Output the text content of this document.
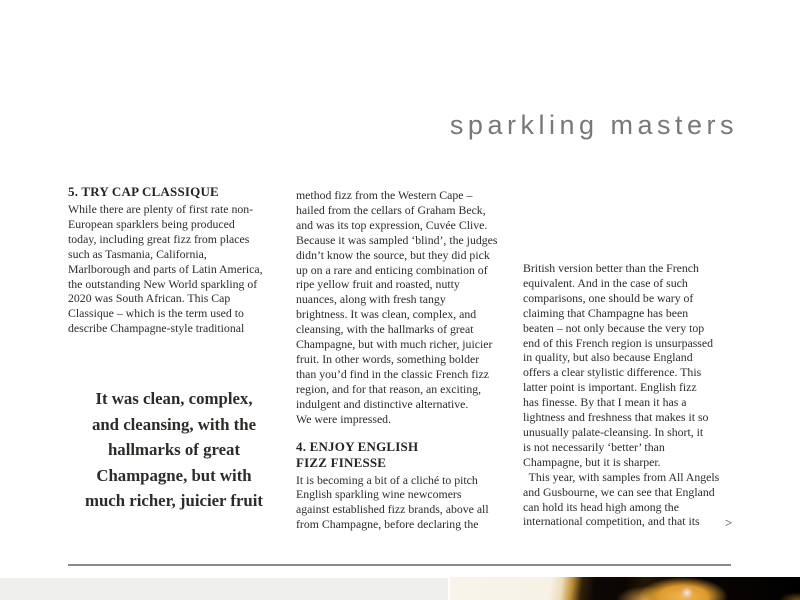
sparkling masters
5. TRY CAP CLASSIQUE

While there are plenty of first rate non-
European sparklers being produced
today, including great fizz from places
such as Tasmania, California,
Marlborough and parts of Latin America,
the outstanding New World sparkling of
2020 was South African. This Cap
Classique – which is the term used to
describe Champagne-style traditional

It was clean, complex,
and cleansing, with the
hallmarks of great
Champagne, but with
much richer, juicier fruit

method fizz from the Western Cape –
hailed from the cellars of Graham Beck,
and was its top expression, Cuvée Clive.
Because it was sampled ‘blind’, the judges
didn’t know the source, but they did pick
up on a rare and enticing combination of
ripe yellow fruit and roasted, nutty
nuances, along with fresh tangy
brightness. It was clean, complex, and
cleansing, with the hallmarks of great
Champagne, but with much richer, juicier
fruit. In other words, something bolder
than you’d find in the classic French fizz
region, and for that reason, an exciting,
indulgent and distinctive alternative.
We were impressed.

4. ENJOY ENGLISH
FIZZ FINESSE

It is becoming a bit of a cliché to pitch
English sparkling wine newcomers
against established fizz brands, above all
from Champagne, before declaring the

British version better than the French
equivalent. And in the case of such
comparisons, one should be wary of
claiming that Champagne has been
beaten – not only because the very top
end of this French region is unsurpassed
in quality, but also because England
offers a clear stylistic difference. This
latter point is important. English fizz
has finesse. By that I mean it has a
lightness and freshness that makes it so
unusually palate-cleansing. In short, it
is not necessarily ‘better’ than
Champagne, but it is sharper.
This year, with samples from All Angels
and Gusbourne, we can see that England
can hold its head high among the
international competition, and that its	>
